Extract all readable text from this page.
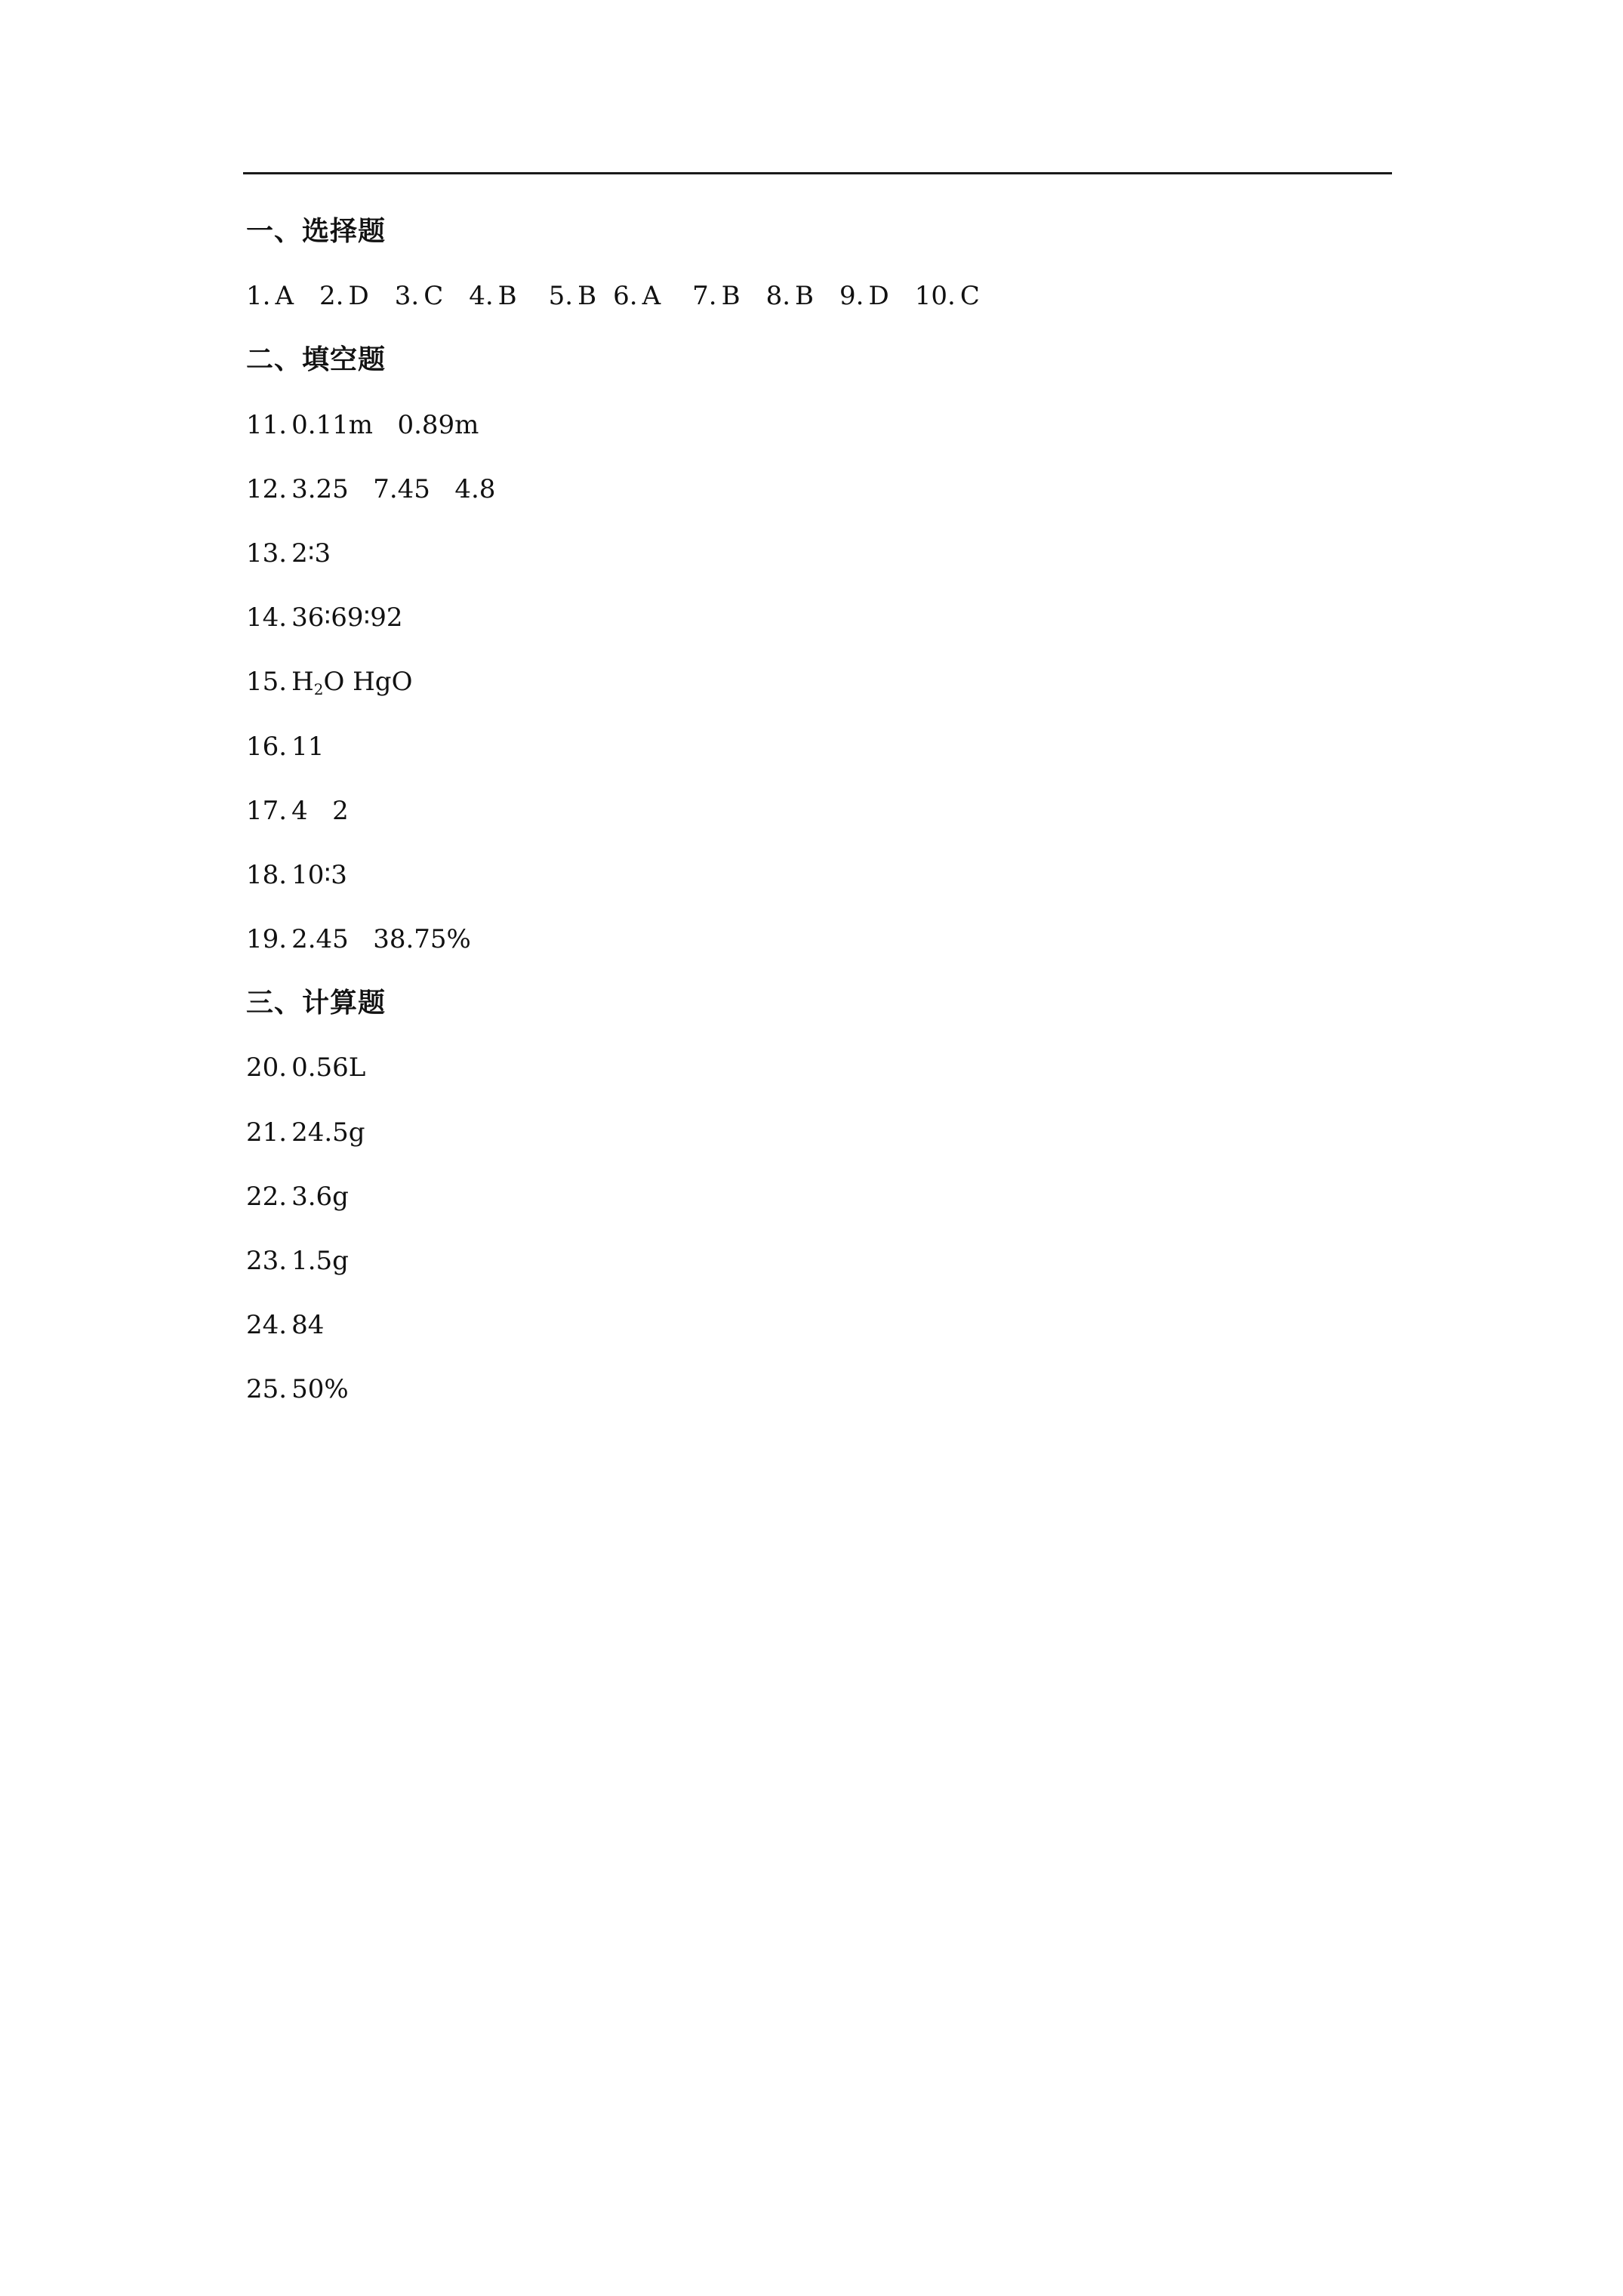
一、选择题
1. A 2. D 3. C 4. B 5. B 6. A 7. B 8. B 9. D 10. C
二、填空题
11. 0.11m   0.89m
12. 3.25   7.45   4.8
13. 2∶3
14. 36∶69∶92
15. H2O HgO
16. 11
17. 4   2
18. 10∶3
19. 2.45   38.75%
三、计算题
20. 0.56L
21. 24.5g
22. 3.6g
23. 1.5g
24. 84
25. 50%
